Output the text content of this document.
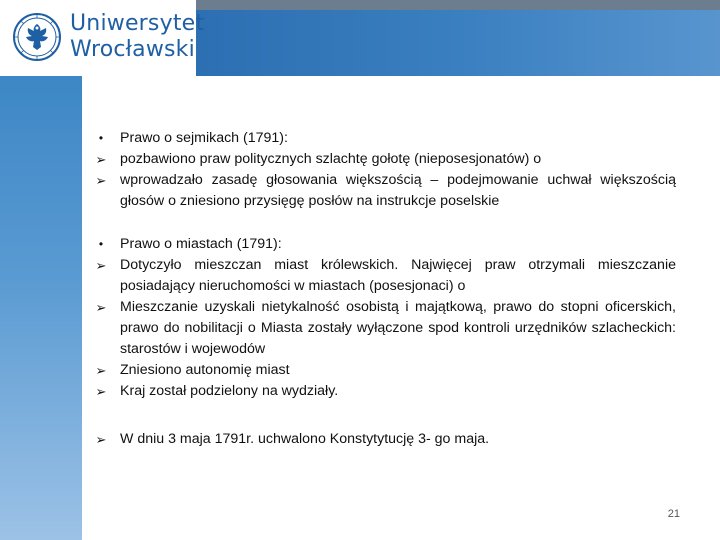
Uniwersytet
Wrocławski
•	Prawo o sejmikach (1791):
➢ pozbawiono praw politycznych szlachtę gołotę (nieposesjonatów) o
➢ wprowadzało zasadę głosowania większością – podejmowanie uchwał większością głosów o zniesiono przysięgę posłów na instrukcje poselskie
•	Prawo o miastach (1791):
➢ Dotyczyło mieszczan miast królewskich. Najwięcej praw otrzymali mieszczanie posiadający nieruchomości w miastach (posesjonaci) o
➢ Mieszczanie uzyskali nietykalność osobistą i majątkową, prawo do stopni oficerskich, prawo do nobilitacji o Miasta zostały wyłączone spod kontroli urzędników szlacheckich: starostów i wojewodów
➢ Zniesiono autonomię miast
➢ Kraj został podzielony na wydziały.
➢ W dniu 3 maja 1791r. uchwalono Konstytytucję 3- go maja.
21
